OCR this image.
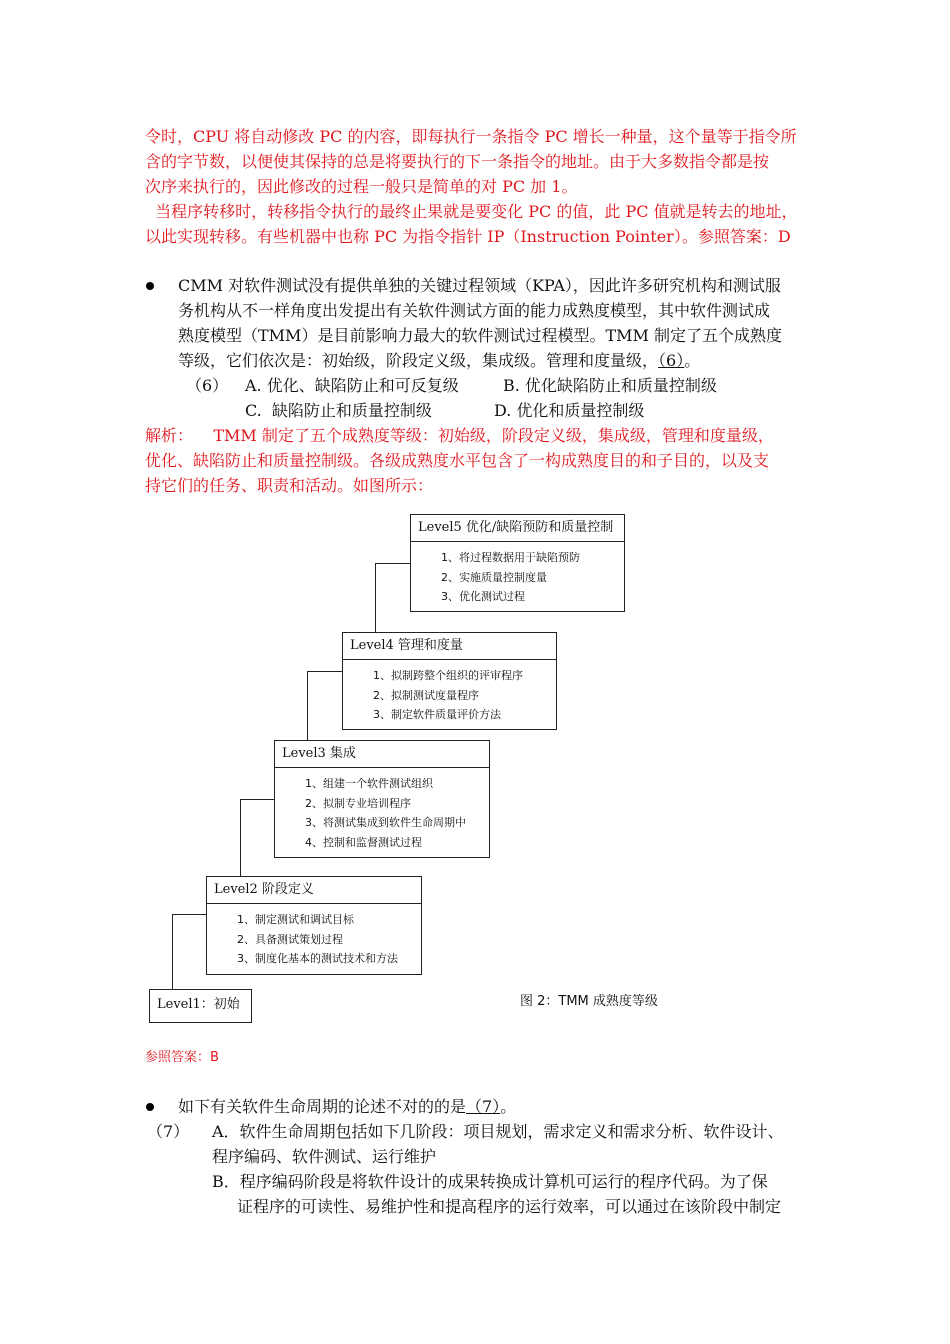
令时，CPU 将自动修改 PC 的内容，即每执行一条指令 PC 增长一种量，这个量等于指令所
含的字节数，以便使其保持的总是将要执行的下一条指令的地址。由于大多数指令都是按
次序来执行的，因此修改的过程一般只是简单的对 PC 加 1。
当程序转移时，转移指令执行的最终止果就是要变化 PC 的值，此 PC 值就是转去的地址，
以此实现转移。有些机器中也称 PC 为指令指针 IP（Instruction Pointer）。参照答案：D
CMM 对软件测试没有提供单独的关键过程领域（KPA），因此许多研究机构和测试服
务机构从不一样角度出发提出有关软件测试方面的能力成熟度模型，其中软件测试成
熟度模型（TMM）是目前影响力最大的软件测试过程模型。TMM 制定了五个成熟度
等级，它们依次是：初始级，阶段定义级，集成级。管理和度量级，（6）。
（6） A. 优化、缺陷防止和可反复级	B. 优化缺陷防止和质量控制级
C.  缺陷防止和质量控制级	D. 优化和质量控制级
解析：    TMM 制定了五个成熟度等级：初始级，阶段定义级，集成级，管理和度量级，
优化、缺陷防止和质量控制级。各级成熟度水平包含了一构成熟度目的和子目的，以及支
持它们的任务、职责和活动。如图所示：
Level5 优化/缺陷预防和质量控制
1、将过程数据用于缺陷预防
2、实施质量控制度量
3、优化测试过程
Level4 管理和度量
1、拟制跨整个组织的评审程序
2、拟制测试度量程序
3、制定软件质量评价方法
Level3 集成
1、组建一个软件测试组织
2、拟制专业培训程序
3、将测试集成到软件生命周期中
4、控制和监督测试过程
Level2 阶段定义
1、制定测试和调试目标
2、具备测试策划过程
3、制度化基本的测试技术和方法
Level1：初始	图 2：TMM 成熟度等级
参照答案：B
如下有关软件生命周期的论述不对的的是（7）。
（7） A．软件生命周期包括如下几阶段：项目规划，需求定义和需求分析、软件设计、
程序编码、软件测试、运行维护
B．程序编码阶段是将软件设计的成果转换成计算机可运行的程序代码。为了保
证程序的可读性、易维护性和提高程序的运行效率，可以通过在该阶段中制定
